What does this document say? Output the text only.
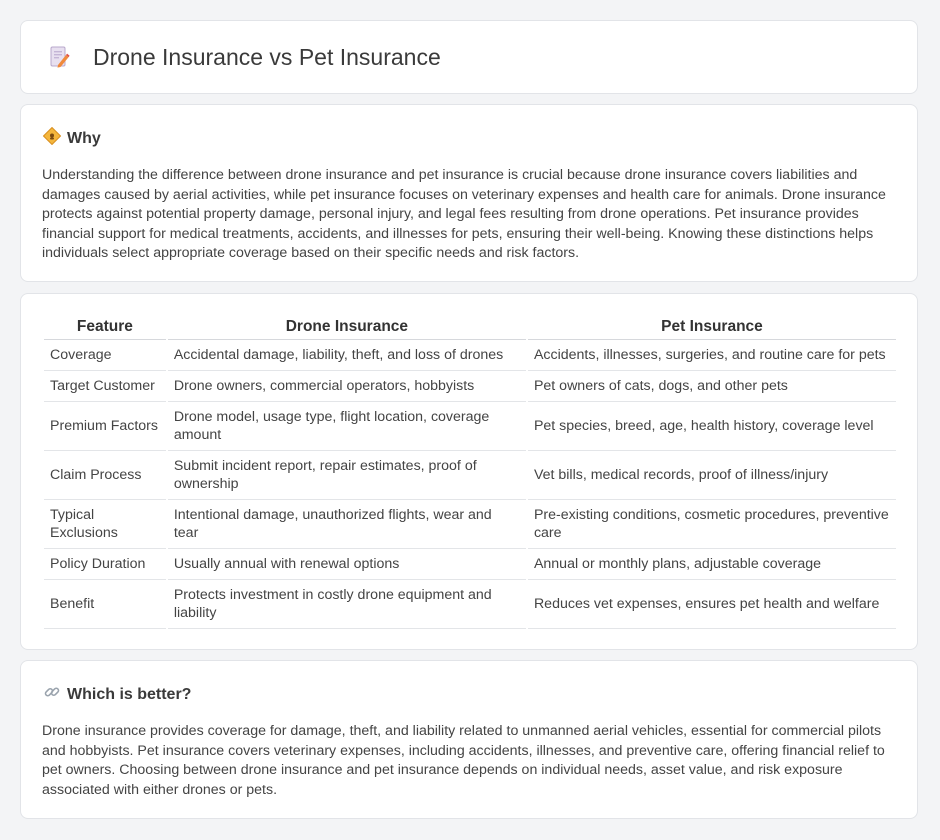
Drone Insurance vs Pet Insurance
Why

Understanding the difference between drone insurance and pet insurance is crucial because drone insurance covers liabilities and damages caused by aerial activities, while pet insurance focuses on veterinary expenses and health care for animals. Drone insurance protects against potential property damage, personal injury, and legal fees resulting from drone operations. Pet insurance provides financial support for medical treatments, accidents, and illnesses for pets, ensuring their well-being. Knowing these distinctions helps individuals select appropriate coverage based on their specific needs and risk factors.

Feature	Drone Insurance	Pet Insurance
Coverage	Accidental damage, liability, theft, and loss of drones	Accidents, illnesses, surgeries, and routine care for pets
Target Customer	Drone owners, commercial operators, hobbyists	Pet owners of cats, dogs, and other pets
Premium Factors	Drone model, usage type, flight location, coverage amount	Pet species, breed, age, health history, coverage level
Claim Process	Submit incident report, repair estimates, proof of ownership	Vet bills, medical records, proof of illness/injury
Typical Exclusions	Intentional damage, unauthorized flights, wear and tear	Pre-existing conditions, cosmetic procedures, preventive care
Policy Duration	Usually annual with renewal options	Annual or monthly plans, adjustable coverage
Benefit	Protects investment in costly drone equipment and liability	Reduces vet expenses, ensures pet health and welfare
Which is better?

Drone insurance provides coverage for damage, theft, and liability related to unmanned aerial vehicles, essential for commercial pilots and hobbyists. Pet insurance covers veterinary expenses, including accidents, illnesses, and preventive care, offering financial relief to pet owners. Choosing between drone insurance and pet insurance depends on individual needs, asset value, and risk exposure associated with either drones or pets.
